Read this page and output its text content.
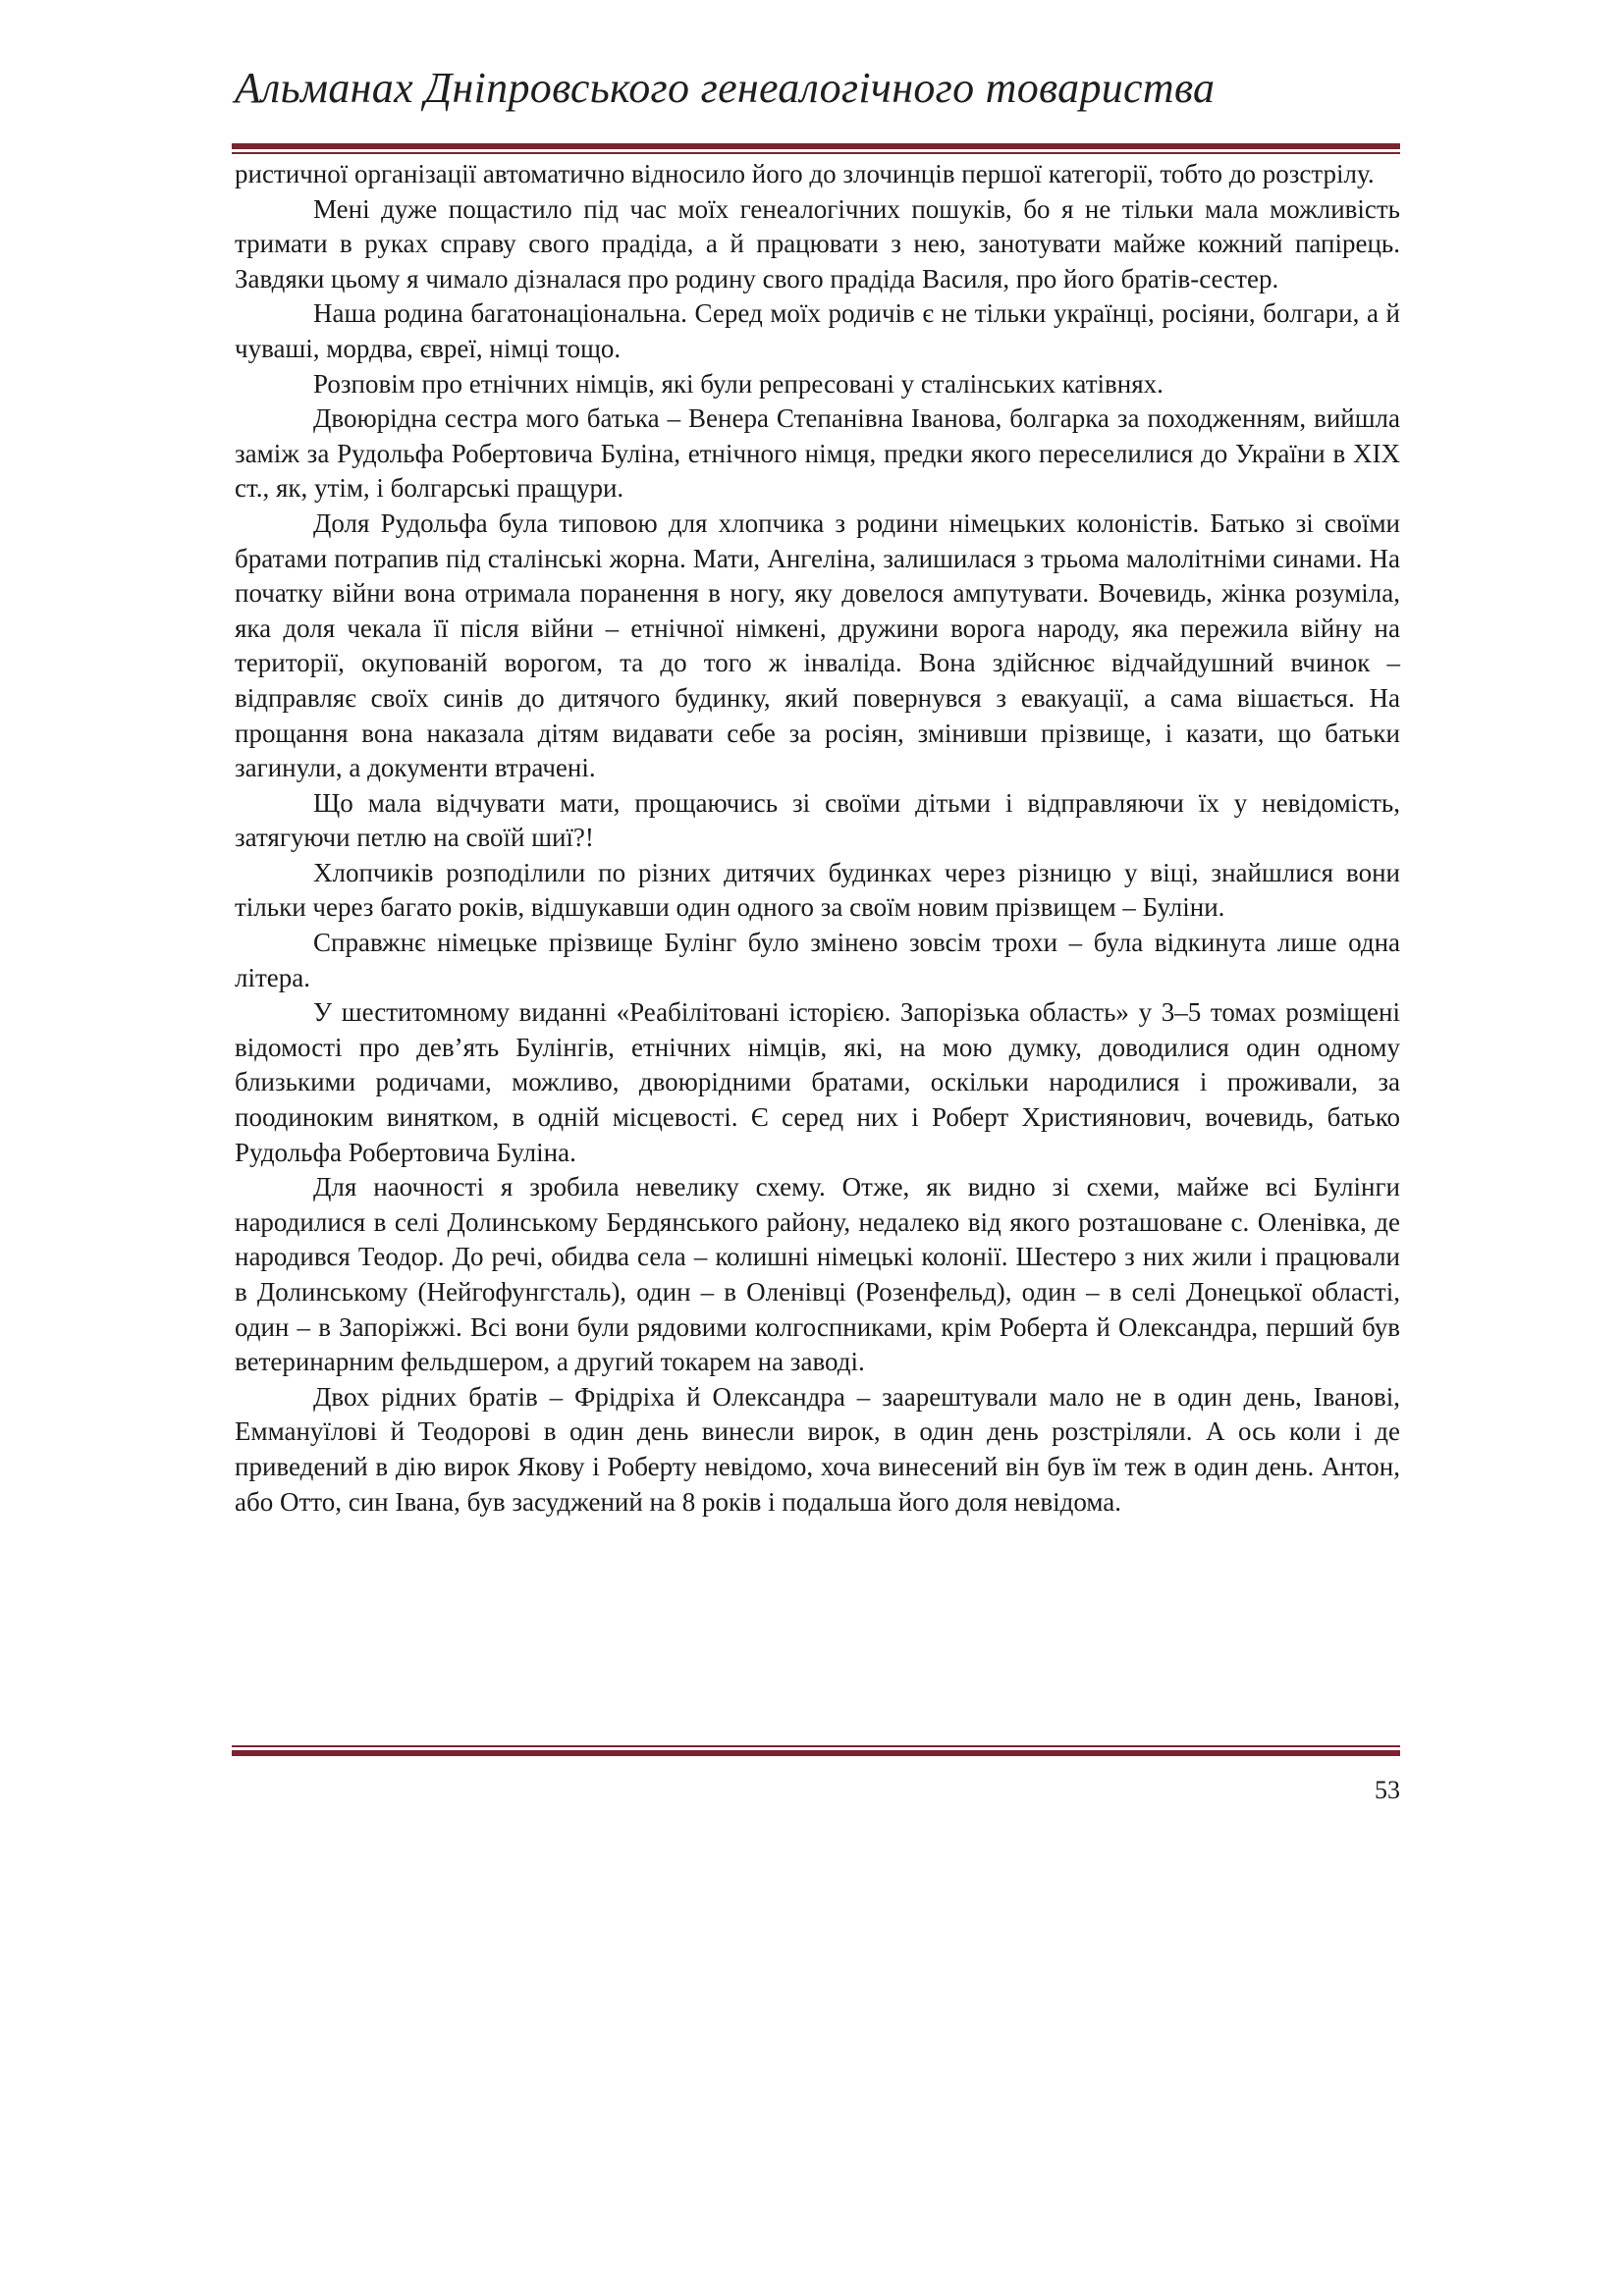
Альманах Дніпровського генеалогічного товариства

ристичної організації автоматично відносило його до злочинців першої категорії, тобто до розстрілу.

Мені дуже пощастило під час моїх генеалогічних пошуків, бо я не тільки мала можливість тримати в руках справу свого прадіда, а й працювати з нею, занотувати майже кожний папірець. Завдяки цьому я чимало дізналася про родину свого прадіда Василя, про його братів-сестер.

Наша родина багатонаціональна. Серед моїх родичів є не тільки українці, росіяни, болгари, а й чуваші, мордва, євреї, німці тощо.

Розповім про етнічних німців, які були репресовані у сталінських катівнях.

Двоюрідна сестра мого батька – Венера Степанівна Іванова, болгарка за походженням, вийшла заміж за Рудольфа Робертовича Буліна, етнічного німця, предки якого переселилися до України в XIX ст., як, утім, і болгарські пращури.

Доля Рудольфа була типовою для хлопчика з родини німецьких колоністів. Батько зі своїми братами потрапив під сталінські жорна. Мати, Ангеліна, залишилася з трьома малолітніми синами. На початку війни вона отримала поранення в ногу, яку довелося ампутувати. Вочевидь, жінка розуміла, яка доля чекала її після війни – етнічної німкені, дружини ворога народу, яка пережила війну на території, окупованій ворогом, та до того ж інваліда. Вона здійснює відчайдушний вчинок – відправляє своїх синів до дитячого будинку, який повернувся з евакуації, а сама вішається. На прощання вона наказала дітям видавати себе за росіян, змінивши прізвище, і казати, що батьки загинули, а документи втрачені.

Що мала відчувати мати, прощаючись зі своїми дітьми і відправляючи їх у невідомість, затягуючи петлю на своїй шиї?!

Хлопчиків розподілили по різних дитячих будинках через різницю у віці, знайшлися вони тільки через багато років, відшукавши один одного за своїм новим прізвищем – Буліни.

Справжнє німецьке прізвище Булінг було змінено зовсім трохи – була відкинута лише одна літера.

У шеститомному виданні «Реабілітовані історією. Запорізька область» у 3–5 томах розміщені відомості про дев’ять Булінгів, етнічних німців, які, на мою думку, доводилися один одному близькими родичами, можливо, двоюрідними братами, оскільки народилися і проживали, за поодиноким винятком, в одній місцевості. Є серед них і Роберт Християнович, вочевидь, батько Рудольфа Робертовича Буліна.

Для наочності я зробила невелику схему. Отже, як видно зі схеми, майже всі Булінги народилися в селі Долинському Бердянського району, недалеко від якого розташоване с. Оленівка, де народився Теодор. До речі, обидва села – колишні німецькі колонії. Шестеро з них жили і працювали в Долинському (Нейгофунгсталь), один – в Оленівці (Розенфельд), один – в селі Донецької області, один – в Запоріжжі. Всі вони були рядовими колгоспниками, крім Роберта й Олександра, перший був ветеринарним фельдшером, а другий токарем на заводі.

Двох рідних братів – Фрідріха й Олександра – заарештували мало не в один день, Іванові, Еммануїлові й Теодорові в один день винесли вирок, в один день розстріляли. А ось коли і де приведений в дію вирок Якову і Роберту невідомо, хоча винесений він був їм теж в один день. Антон, або Отто, син Івана, був засуджений на 8 років і подальша його доля невідома.

53
